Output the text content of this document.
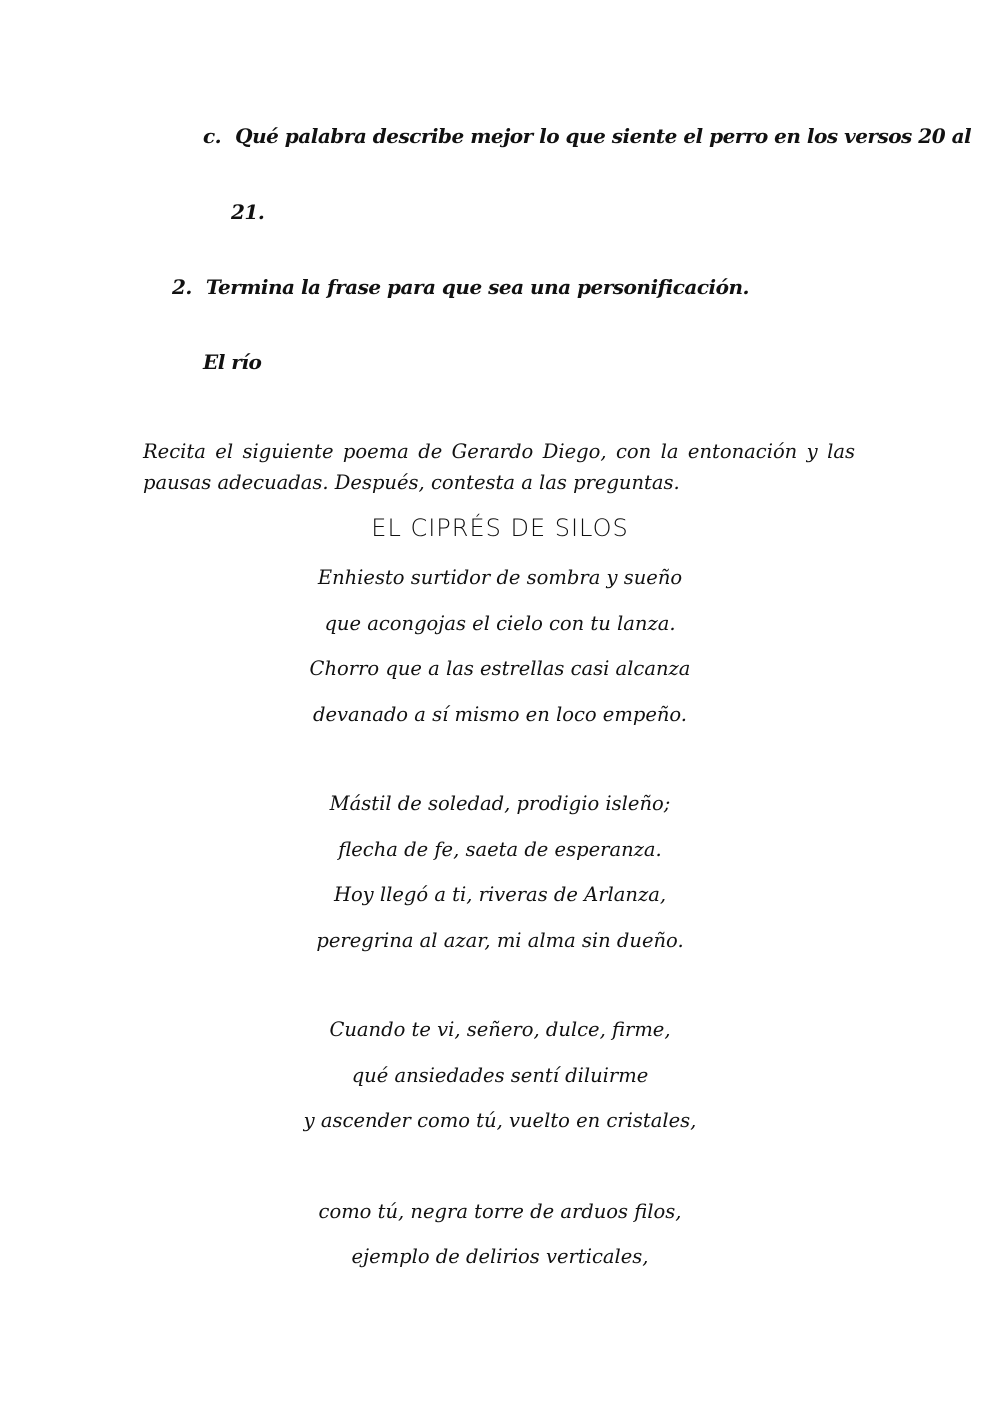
c. Qué palabra describe mejor lo que siente el perro en los versos 20 al
21.
2. Termina la frase para que sea una personificación.
El río
Recita el siguiente poema de Gerardo Diego, con la entonación y las pausas adecuadas. Después, contesta a las preguntas.
EL CIPRÉS DE SILOS
Enhiesto surtidor de sombra y sueño
que acongojas el cielo con tu lanza.
Chorro que a las estrellas casi alcanza
devanado a sí mismo en loco empeño.
Mástil de soledad, prodigio isleño;
flecha de fe, saeta de esperanza.
Hoy llegó a ti, riveras de Arlanza,
peregrina al azar, mi alma sin dueño.
Cuando te vi, señero, dulce, firme,
qué ansiedades sentí diluirme
y ascender como tú, vuelto en cristales,
como tú, negra torre de arduos filos,
ejemplo de delirios verticales,
